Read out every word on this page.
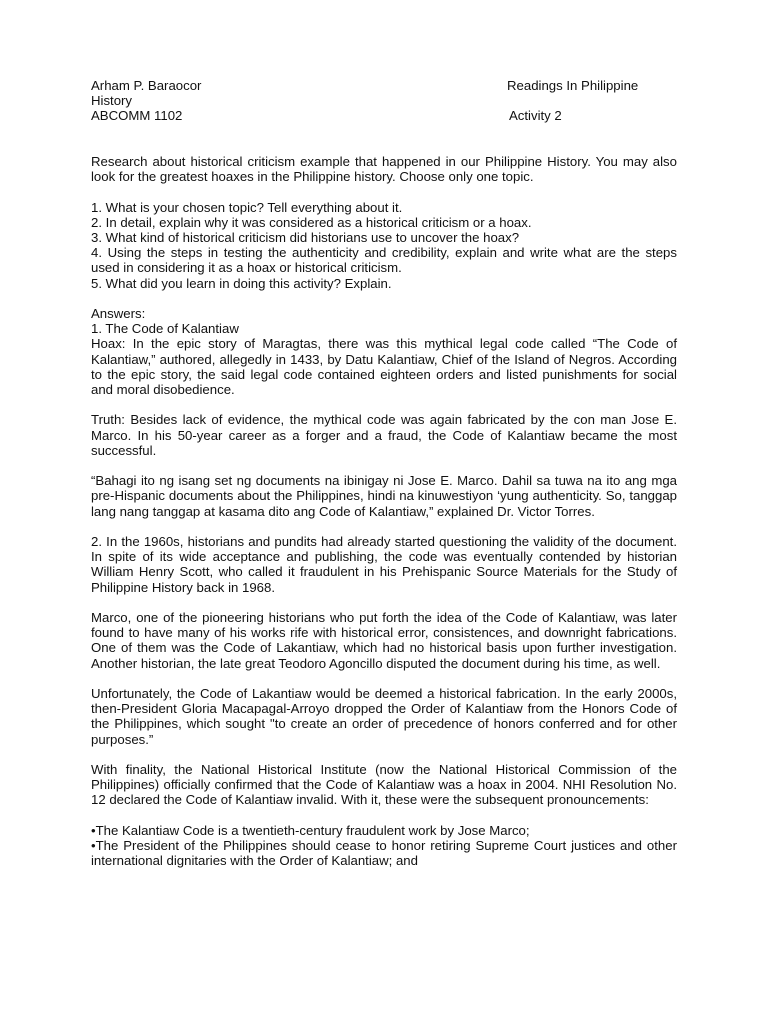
Arham P. Baraocor	Readings In Philippine
History
ABCOMM 1102	Activity 2
Research about historical criticism example that happened in our Philippine History. You may also look for the greatest hoaxes in the Philippine history. Choose only one topic.
1. What is your chosen topic? Tell everything about it.
2. In detail, explain why it was considered as a historical criticism or a hoax.
3. What kind of historical criticism did historians use to uncover the hoax?
4. Using the steps in testing the authenticity and credibility, explain and write what are the steps used in considering it as a hoax or historical criticism.
5. What did you learn in doing this activity? Explain.
Answers:
1. The Code of Kalantiaw
Hoax: In the epic story of Maragtas, there was this mythical legal code called “The Code of Kalantiaw,” authored, allegedly in 1433, by Datu Kalantiaw, Chief of the Island of Negros. According to the epic story, the said legal code contained eighteen orders and listed punishments for social and moral disobedience.
Truth: Besides lack of evidence, the mythical code was again fabricated by the con man Jose E. Marco. In his 50-year career as a forger and a fraud, the Code of Kalantiaw became the most successful.
“Bahagi ito ng isang set ng documents na ibinigay ni Jose E. Marco. Dahil sa tuwa na ito ang mga pre-Hispanic documents about the Philippines, hindi na kinuwestiyon ‘yung authenticity. So, tanggap lang nang tanggap at kasama dito ang Code of Kalantiaw,” explained Dr. Victor Torres.
2. In the 1960s, historians and pundits had already started questioning the validity of the document. In spite of its wide acceptance and publishing, the code was eventually contended by historian William Henry Scott, who called it fraudulent in his Prehispanic Source Materials for the Study of Philippine History back in 1968.
Marco, one of the pioneering historians who put forth the idea of the Code of Kalantiaw, was later found to have many of his works rife with historical error, consistences, and downright fabrications. One of them was the Code of Lakantiaw, which had no historical basis upon further investigation. Another historian, the late great Teodoro Agoncillo disputed the document during his time, as well.
Unfortunately, the Code of Lakantiaw would be deemed a historical fabrication. In the early 2000s, then-President Gloria Macapagal-Arroyo dropped the Order of Kalantiaw from the Honors Code of the Philippines, which sought "to create an order of precedence of honors conferred and for other purposes.”
With finality, the National Historical Institute (now the National Historical Commission of the Philippines) officially confirmed that the Code of Kalantiaw was a hoax in 2004. NHI Resolution No. 12 declared the Code of Kalantiaw invalid. With it, these were the subsequent pronouncements:
•The Kalantiaw Code is a twentieth-century fraudulent work by Jose Marco;
•The President of the Philippines should cease to honor retiring Supreme Court justices and other international dignitaries with the Order of Kalantiaw; and
